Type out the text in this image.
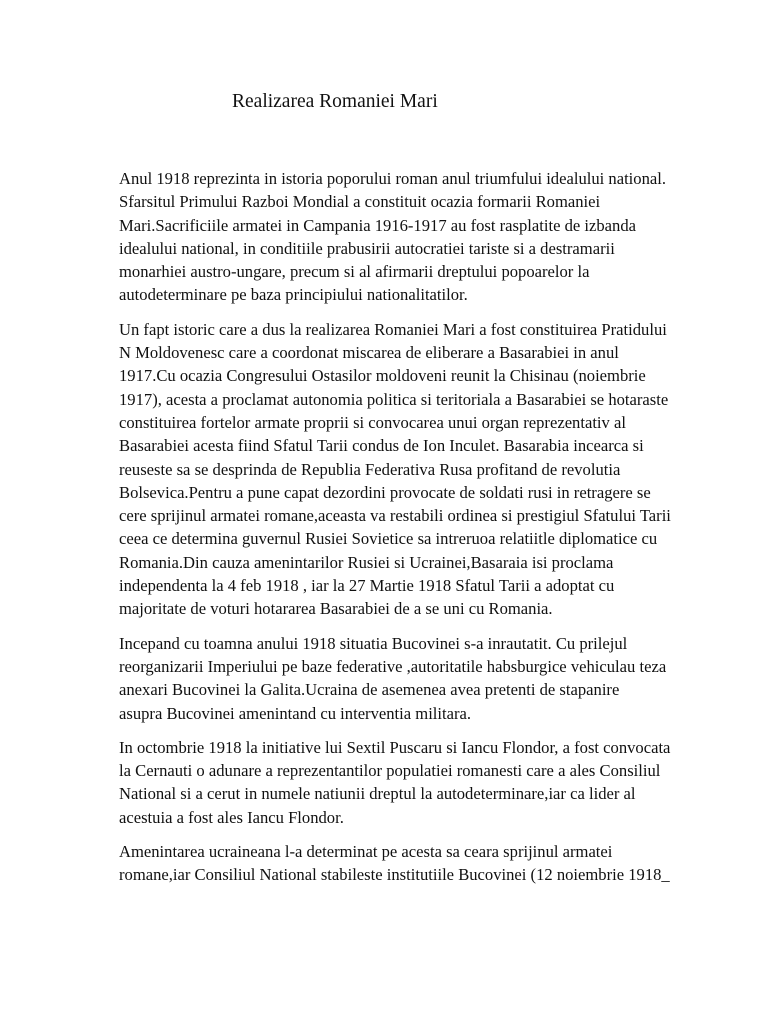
Realizarea Romaniei Mari

Anul 1918 reprezinta in istoria poporului roman anul triumfului idealului national.
Sfarsitul Primului Razboi Mondial a constituit ocazia formarii Romaniei
Mari.Sacrificiile armatei in Campania 1916-1917 au fost rasplatite de izbanda
idealului national, in conditiile prabusirii autocratiei tariste si a destramarii
monarhiei austro-ungare, precum si al afirmarii dreptului popoarelor la
autodeterminare pe baza principiului nationalitatilor.

Un fapt istoric care a dus la realizarea Romaniei Mari a fost constituirea Pratidului
N Moldovenesc care a coordonat miscarea de eliberare a Basarabiei in anul
1917.Cu ocazia Congresului Ostasilor moldoveni reunit la Chisinau (noiembrie
1917), acesta a proclamat autonomia politica si teritoriala a Basarabiei se hotaraste
constituirea fortelor armate proprii si convocarea unui organ reprezentativ al
Basarabiei acesta fiind Sfatul Tarii condus de Ion Inculet. Basarabia incearca si
reuseste sa se desprinda de Republia Federativa Rusa profitand de revolutia
Bolsevica.Pentru a pune capat dezordini provocate de soldati rusi in retragere se
cere sprijinul armatei romane,aceasta va restabili ordinea si prestigiul Sfatului Tarii
ceea ce determina guvernul Rusiei Sovietice sa intreruoa relatiitle diplomatice cu
Romania.Din cauza amenintarilor Rusiei si Ucrainei,Basaraia isi proclama
independenta la 4 feb 1918 , iar la 27 Martie 1918 Sfatul Tarii a adoptat cu
majoritate de voturi hotararea Basarabiei de a se uni cu Romania.

Incepand cu toamna anului 1918 situatia Bucovinei s-a inrautatit. Cu prilejul
reorganizarii Imperiului pe baze federative ,autoritatile habsburgice vehiculau teza
anexari Bucovinei la Galita.Ucraina de asemenea avea pretenti de stapanire
asupra Bucovinei amenintand cu interventia militara.

In octombrie 1918 la initiative lui Sextil Puscaru si Iancu Flondor, a fost convocata
la Cernauti o adunare a reprezentantilor populatiei romanesti care a ales Consiliul
National si a cerut in numele natiunii dreptul la autodeterminare,iar ca lider al
acestuia a fost ales Iancu Flondor.

Amenintarea ucraineana l-a determinat pe acesta sa ceara sprijinul armatei
romane,iar Consiliul National stabileste institutiile Bucovinei (12 noiembrie 1918_
